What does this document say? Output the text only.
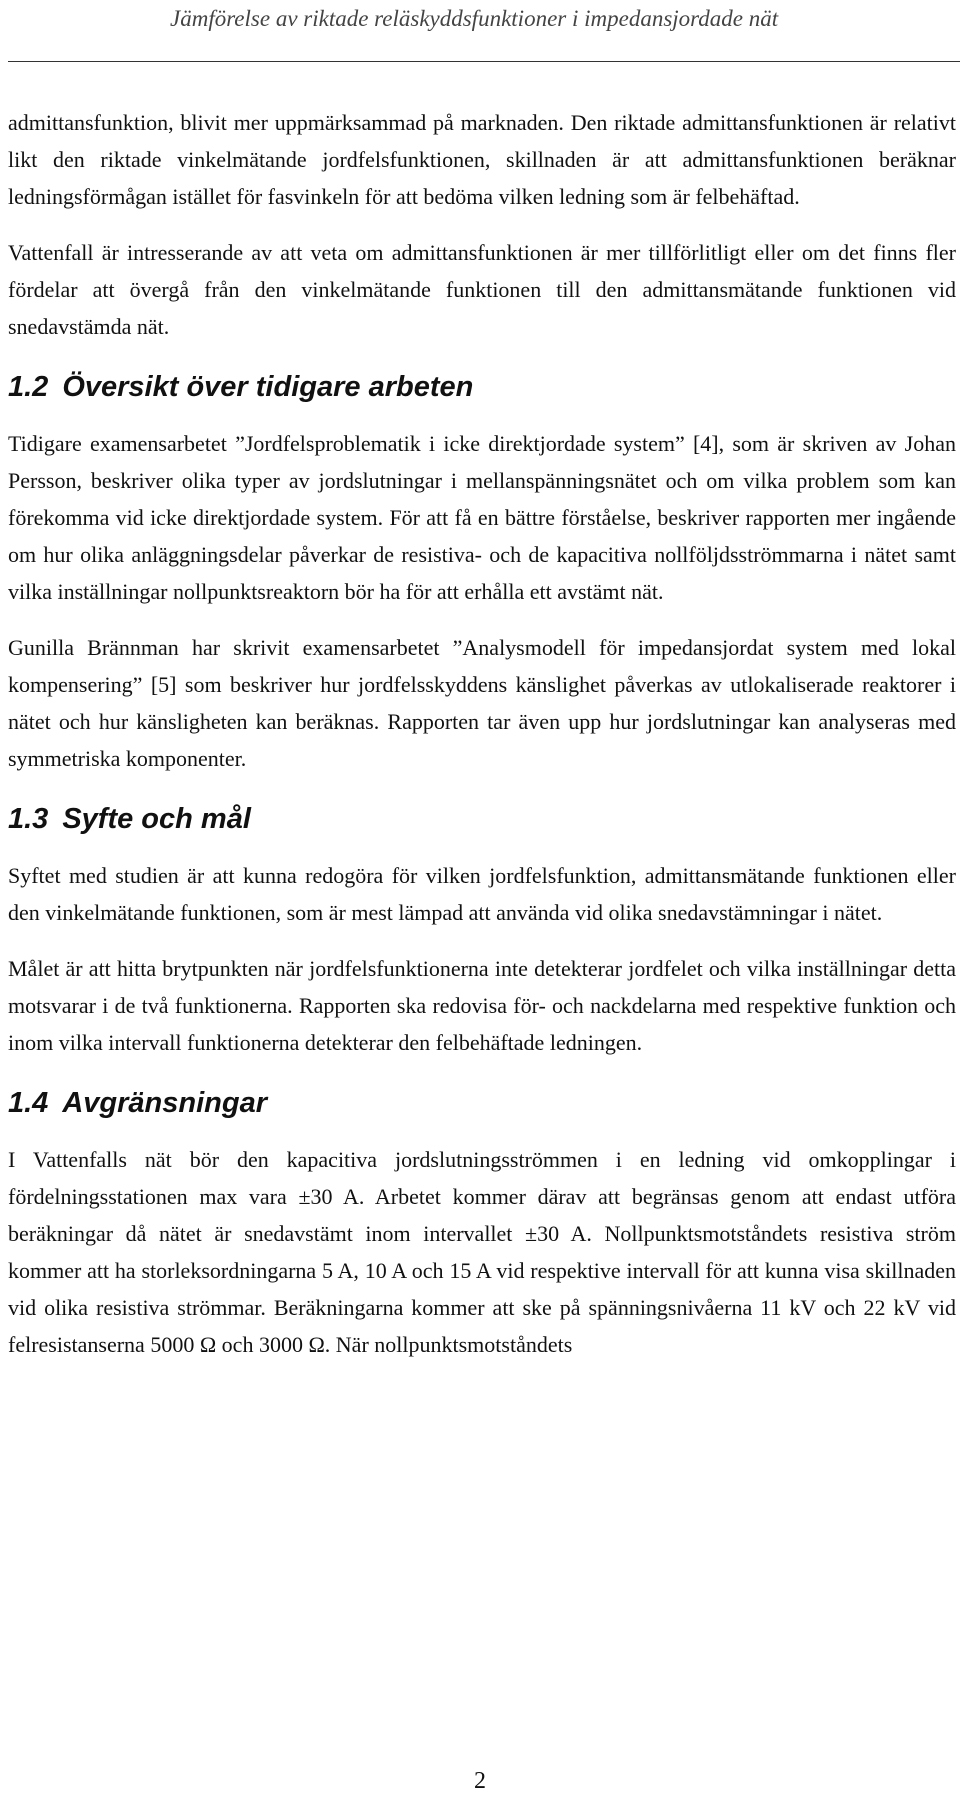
Jämförelse av riktade reläskyddsfunktioner i impedansjordade nät

admittansfunktion, blivit mer uppmärksammad på marknaden. Den riktade admittansfunktionen är relativt likt den riktade vinkelmätande jordfelsfunktionen, skillnaden är att admittansfunktionen beräknar ledningsförmågan istället för fasvinkeln för att bedöma vilken ledning som är felbehäftad.

Vattenfall är intresserande av att veta om admittansfunktionen är mer tillförlitligt eller om det finns fler fördelar att övergå från den vinkelmätande funktionen till den admittansmätande funktionen vid snedavstämda nät.

1.2 Översikt över tidigare arbeten

Tidigare examensarbetet ”Jordfelsproblematik i icke direktjordade system” [4], som är skriven av Johan Persson, beskriver olika typer av jordslutningar i mellanspänningsnätet och om vilka problem som kan förekomma vid icke direktjordade system. För att få en bättre förståelse, beskriver rapporten mer ingående om hur olika anläggningsdelar påverkar de resistiva- och de kapacitiva nollföljdsströmmarna i nätet samt vilka inställningar nollpunktsreaktorn bör ha för att erhålla ett avstämt nät.

Gunilla Brännman har skrivit examensarbetet ”Analysmodell för impedansjordat system med lokal kompensering” [5] som beskriver hur jordfelsskyddens känslighet påverkas av utlokaliserade reaktorer i nätet och hur känsligheten kan beräknas. Rapporten tar även upp hur jordslutningar kan analyseras med symmetriska komponenter.

1.3 Syfte och mål

Syftet med studien är att kunna redogöra för vilken jordfelsfunktion, admittansmätande funktionen eller den vinkelmätande funktionen, som är mest lämpad att använda vid olika snedavstämningar i nätet.

Målet är att hitta brytpunkten när jordfelsfunktionerna inte detekterar jordfelet och vilka inställningar detta motsvarar i de två funktionerna. Rapporten ska redovisa för- och nackdelarna med respektive funktion och inom vilka intervall funktionerna detekterar den felbehäftade ledningen.

1.4 Avgränsningar

I Vattenfalls nät bör den kapacitiva jordslutningsströmmen i en ledning vid omkopplingar i fördelningsstationen max vara ±30 A. Arbetet kommer därav att begränsas genom att endast utföra beräkningar då nätet är snedavstämt inom intervallet ±30 A. Nollpunktsmotståndets resistiva ström kommer att ha storleksordningarna 5 A, 10 A och 15 A vid respektive intervall för att kunna visa skillnaden vid olika resistiva strömmar. Beräkningarna kommer att ske på spänningsnivåerna 11 kV och 22 kV vid felresistanserna 5000 Ω och 3000 Ω. När nollpunktsmotståndets

2
